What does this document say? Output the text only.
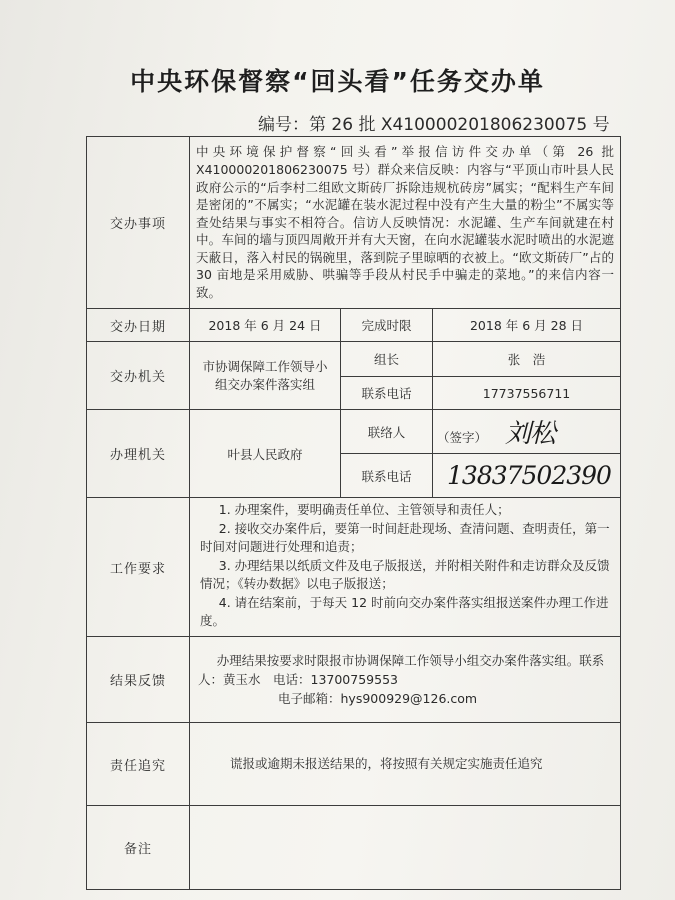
中央环保督察“回头看”任务交办单
编号：第 26 批 X410000201806230075 号
交办事项	中央环境保护督察“回头看”举报信访件交办单（第 26 批 X410000201806230075 号）群众来信反映：内容与“平顶山市叶县人民政府公示的“后李村二组欧文斯砖厂拆除违规杭砖房”属实；“配料生产车间是密闭的”不属实；“水泥罐在装水泥过程中没有产生大量的粉尘”不属实等查处结果与事实不相符合。信访人反映情况：水泥罐、生产车间就建在村中。车间的墙与顶四周敞开并有大天窗，在向水泥罐装水泥时喷出的水泥遮天蔽日，落入村民的锅碗里，落到院子里晾晒的衣被上。“欧文斯砖厂”占的 30 亩地是采用威胁、哄骗等手段从村民手中骗走的菜地。”的来信内容一致。		

交办日期	2018 年 6 月 24 日	完成时限	2018 年 6 月 28 日
交办机关	市协调保障工作领导小组交办案件落实组	组长	张　浩
		联系电话	17737556711
办理机关	叶县人民政府	联络人	（签字） 刘松
		联系电话	13837502390
工作要求	1. 办理案件，要明确责任单位、主管领导和责任人；
2. 接收交办案件后，要第一时间赶赴现场、查清问题、查明责任，第一时间对问题进行处理和追责；
3. 办理结果以纸质文件及电子版报送，并附相关附件和走访群众及反馈情况；《转办数据》以电子版报送；
4. 请在结案前，于每天 12 时前向交办案件落实组报送案件办理工作进度。		

结果反馈	办理结果按要求时限报市协调保障工作领导小组交办案件落实组。联系人：黄玉水　电话：13700759553
电子邮箱：hys900929@126.com		

责任追究	谎报或逾期未报送结果的，将按照有关规定实施责任追究		

备注			
